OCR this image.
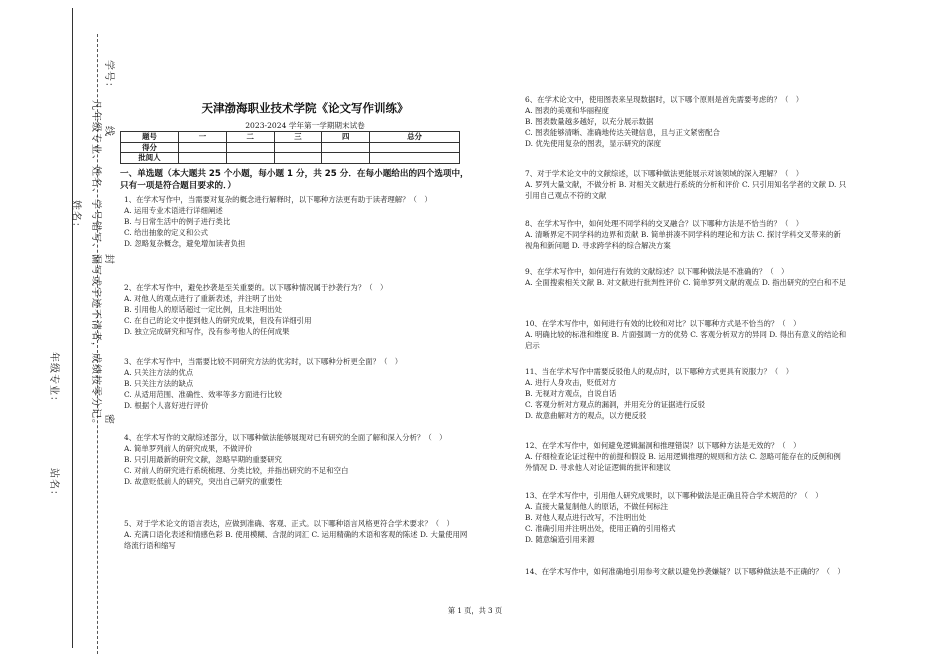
学号：
线
姓名： 凡年级专业、姓名、学号错写、漏写或字迹不清者，成绩按零分记。 密
封
年级专业：
站名：
天津渤海职业技术学院《论文写作训练》
2023-2024 学年第一学期期末试卷
题号	一	二	三	四	总分
得分					
批阅人					
一、单选题（本大题共 25 个小题，每小题 1 分，共 25 分．在每小题给出的四个选项中，只有一项是符合题目要求的．）
1、在学术写作中，当需要对复杂的概念进行解释时，以下哪种方法更有助于读者理解？（　）
A. 运用专业术语进行详细阐述
B. 与日常生活中的例子进行类比
C. 给出抽象的定义和公式
D. 忽略复杂概念，避免增加读者负担
2、在学术写作中，避免抄袭是至关重要的。以下哪种情况属于抄袭行为？（　）
A. 对他人的观点进行了重新表述，并注明了出处
B. 引用他人的原话超过一定比例，且未注明出处
C. 在自己的论文中提到他人的研究成果，但没有详细引用
D. 独立完成研究和写作，没有参考他人的任何成果
3、在学术写作中，当需要比较不同研究方法的优劣时，以下哪种分析更全面？（　）
A. 只关注方法的优点
B. 只关注方法的缺点
C. 从适用范围、准确性、效率等多方面进行比较
D. 根据个人喜好进行评价
4、在学术写作的文献综述部分，以下哪种做法能够展现对已有研究的全面了解和深入分析？（　）
A. 简单罗列前人的研究成果，不做评价
B. 只引用最新的研究文献，忽略早期的重要研究
C. 对前人的研究进行系统梳理、分类比较，并指出研究的不足和空白
D. 故意贬低前人的研究，突出自己研究的重要性
5、对于学术论文的语言表达，应做到准确、客观、正式。以下哪种语言风格更符合学术要求？（　）
A. 充满口语化表述和情感色彩 B. 使用模糊、含混的词汇 C. 运用精确的术语和客观的陈述 D. 大量使用网络流行语和缩写
6、在学术论文中，使用图表来呈现数据时，以下哪个原则是首先需要考虑的？（　）
A. 图表的美观和华丽程度
B. 图表数量越多越好，以充分展示数据
C. 图表能够清晰、准确地传达关键信息，且与正文紧密配合
D. 优先使用复杂的图表，显示研究的深度
7、对于学术论文中的文献综述，以下哪种做法更能展示对该领域的深入理解？（　）
A. 罗列大量文献，不做分析 B. 对相关文献进行系统的分析和评价 C. 只引用知名学者的文献 D. 只引用自己观点不符的文献
8、在学术写作中，如何处理不同学科的交叉融合？以下哪种方法是不恰当的？（　）
A. 清晰界定不同学科的边界和贡献 B. 简单拼凑不同学科的理论和方法 C. 探讨学科交叉带来的新视角和新问题 D. 寻求跨学科的综合解决方案
9、在学术写作中，如何进行有效的文献综述？以下哪种做法是不准确的？（　）
A. 全面搜索相关文献 B. 对文献进行批判性评价 C. 简单罗列文献的观点 D. 指出研究的空白和不足
10、在学术写作中，如何进行有效的比较和对比？以下哪种方式是不恰当的？（　）
A. 明确比较的标准和维度 B. 片面强调一方的优势 C. 客观分析双方的异同 D. 得出有意义的结论和启示
11、当在学术写作中需要反驳他人的观点时，以下哪种方式更具有说服力？（　）
A. 进行人身攻击，贬低对方
B. 无视对方观点，自说自话
C. 客观分析对方观点的漏洞，并用充分的证据进行反驳
D. 故意曲解对方的观点，以方便反驳
12、在学术写作中，如何避免逻辑漏洞和推理错误？以下哪种方法是无效的？（　）
A. 仔细检查论证过程中的前提和假设 B. 运用逻辑推理的规则和方法 C. 忽略可能存在的反例和例外情况 D. 寻求他人对论证逻辑的批评和建议
13、在学术写作中，引用他人研究成果时，以下哪种做法是正确且符合学术规范的？（　）
A. 直接大量复制他人的原话，不做任何标注
B. 对他人观点进行改写，不注明出处
C. 准确引用并注明出处，使用正确的引用格式
D. 随意编造引用来源
14、在学术写作中，如何准确地引用参考文献以避免抄袭嫌疑？以下哪种做法是不正确的？（　）
第 1 页，共 3 页
